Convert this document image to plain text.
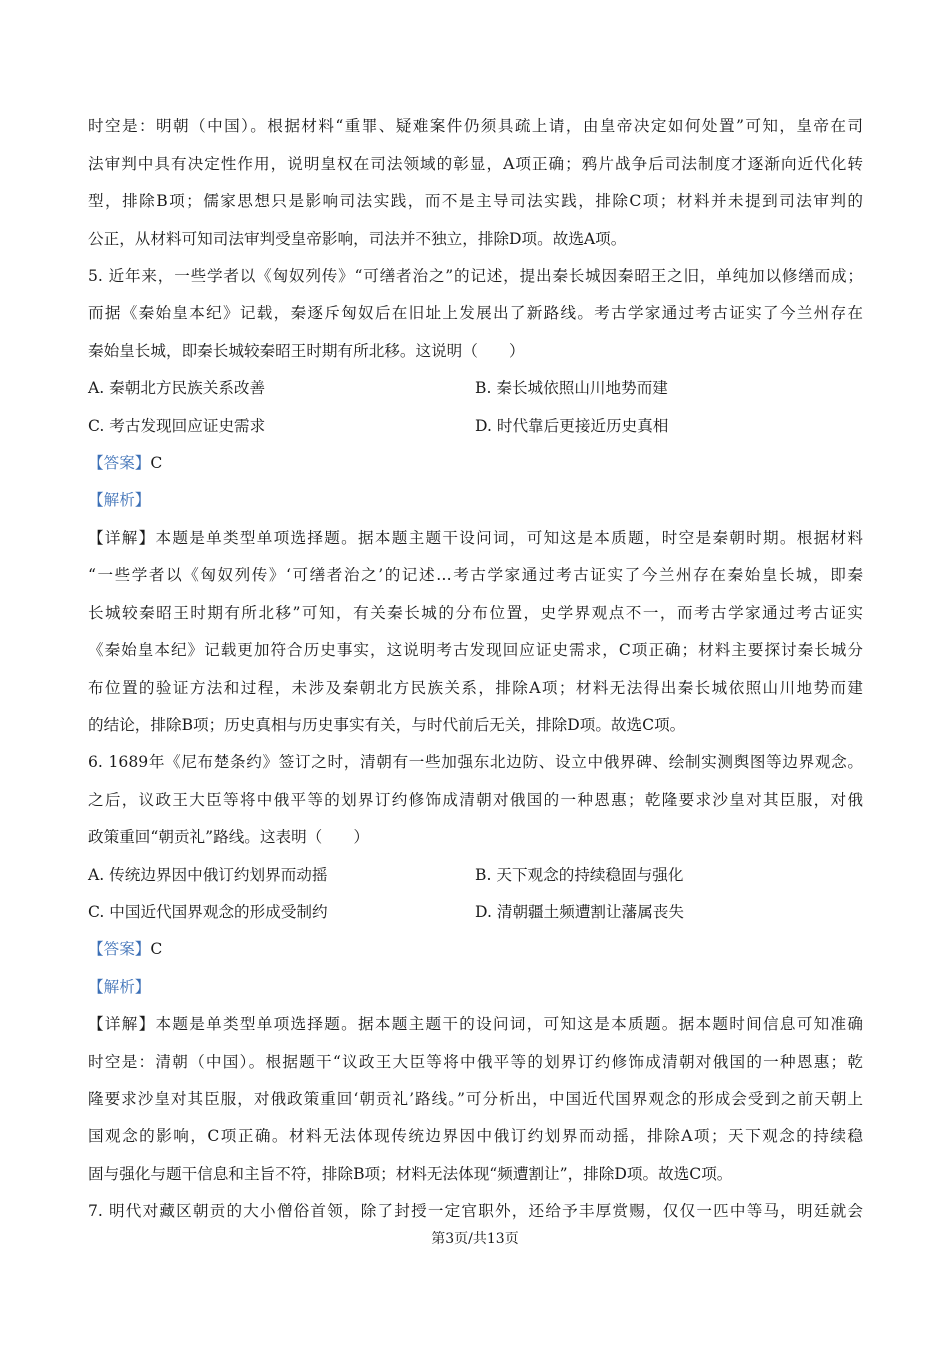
时空是：明朝（中国）。根据材料“重罪、疑难案件仍须具疏上请，由皇帝决定如何处置”可知，皇帝在司
法审判中具有决定性作用，说明皇权在司法领域的彰显，A项正确；鸦片战争后司法制度才逐渐向近代化转
型，排除B项；儒家思想只是影响司法实践，而不是主导司法实践，排除C项；材料并未提到司法审判的
公正，从材料可知司法审判受皇帝影响，司法并不独立，排除D项。故选A项。
5. 近年来，一些学者以《匈奴列传》“可缮者治之”的记述，提出秦长城因秦昭王之旧，单纯加以修缮而成；
而据《秦始皇本纪》记载，秦逐斥匈奴后在旧址上发展出了新路线。考古学家通过考古证实了今兰州存在
秦始皇长城，即秦长城较秦昭王时期有所北移。这说明（　　）
A. 秦朝北方民族关系改善	B. 秦长城依照山川地势而建
C. 考古发现回应证史需求	D. 时代靠后更接近历史真相
【答案】C
【解析】
【详解】本题是单类型单项选择题。据本题主题干设问词，可知这是本质题，时空是秦朝时期。根据材料
“一些学者以《匈奴列传》‘可缮者治之’的记述…考古学家通过考古证实了今兰州存在秦始皇长城，即秦
长城较秦昭王时期有所北移”可知，有关秦长城的分布位置，史学界观点不一，而考古学家通过考古证实
《秦始皇本纪》记载更加符合历史事实，这说明考古发现回应证史需求，C项正确；材料主要探讨秦长城分
布位置的验证方法和过程，未涉及秦朝北方民族关系，排除A项；材料无法得出秦长城依照山川地势而建
的结论，排除B项；历史真相与历史事实有关，与时代前后无关，排除D项。故选C项。
6. 1689年《尼布楚条约》签订之时，清朝有一些加强东北边防、设立中俄界碑、绘制实测舆图等边界观念。
之后，议政王大臣等将中俄平等的划界订约修饰成清朝对俄国的一种恩惠；乾隆要求沙皇对其臣服，对俄
政策重回“朝贡礼”路线。这表明（　　）
A. 传统边界因中俄订约划界而动摇	B. 天下观念的持续稳固与强化
C. 中国近代国界观念的形成受制约	D. 清朝疆土频遭割让藩属丧失
【答案】C
【解析】
【详解】本题是单类型单项选择题。据本题主题干的设问词，可知这是本质题。据本题时间信息可知准确
时空是：清朝（中国）。根据题干“议政王大臣等将中俄平等的划界订约修饰成清朝对俄国的一种恩惠；乾
隆要求沙皇对其臣服，对俄政策重回‘朝贡礼’路线。”可分析出，中国近代国界观念的形成会受到之前天朝上
国观念的影响，C项正确。材料无法体现传统边界因中俄订约划界而动摇，排除A项；天下观念的持续稳
固与强化与题干信息和主旨不符，排除B项；材料无法体现“频遭割让”，排除D项。故选C项。
7. 明代对藏区朝贡的大小僧俗首领，除了封授一定官职外，还给予丰厚赏赐，仅仅一匹中等马，明廷就会
第3页/共13页
